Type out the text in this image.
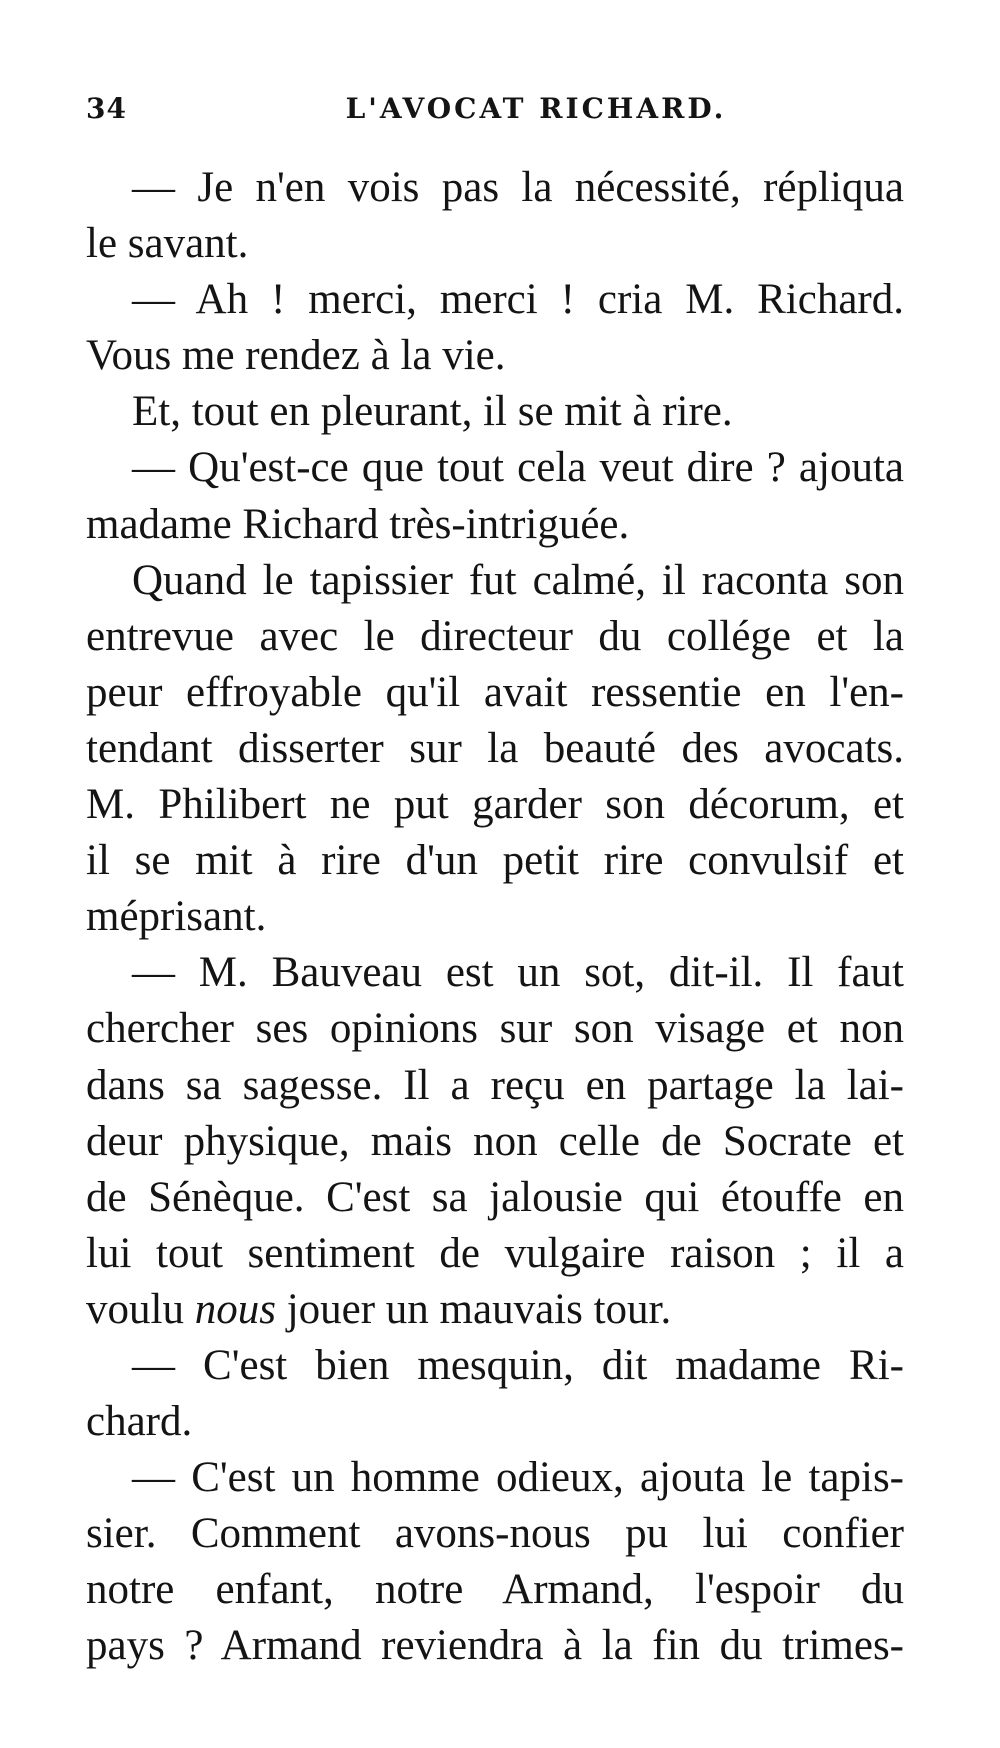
34	L'AVOCAT RICHARD.
— Je n'en vois pas la nécessité, répliqua
le savant.
— Ah ! merci, merci ! cria M. Richard.
Vous me rendez à la vie.
Et, tout en pleurant, il se mit à rire.
— Qu'est-ce que tout cela veut dire ? ajouta
madame Richard très-intriguée.
Quand le tapissier fut calmé, il raconta son
entrevue avec le directeur du collége et la
peur effroyable qu'il avait ressentie en l'en-
tendant disserter sur la beauté des avocats.
M. Philibert ne put garder son décorum, et
il se mit à rire d'un petit rire convulsif et
méprisant.
— M. Bauveau est un sot, dit-il. Il faut
chercher ses opinions sur son visage et non
dans sa sagesse. Il a reçu en partage la lai-
deur physique, mais non celle de Socrate et
de Sénèque. C'est sa jalousie qui étouffe en
lui tout sentiment de vulgaire raison ; il a
voulu nous jouer un mauvais tour.
— C'est bien mesquin, dit madame Ri-
chard.
— C'est un homme odieux, ajouta le tapis-
sier. Comment avons-nous pu lui confier
notre enfant, notre Armand, l'espoir du
pays ? Armand reviendra à la fin du trimes-
